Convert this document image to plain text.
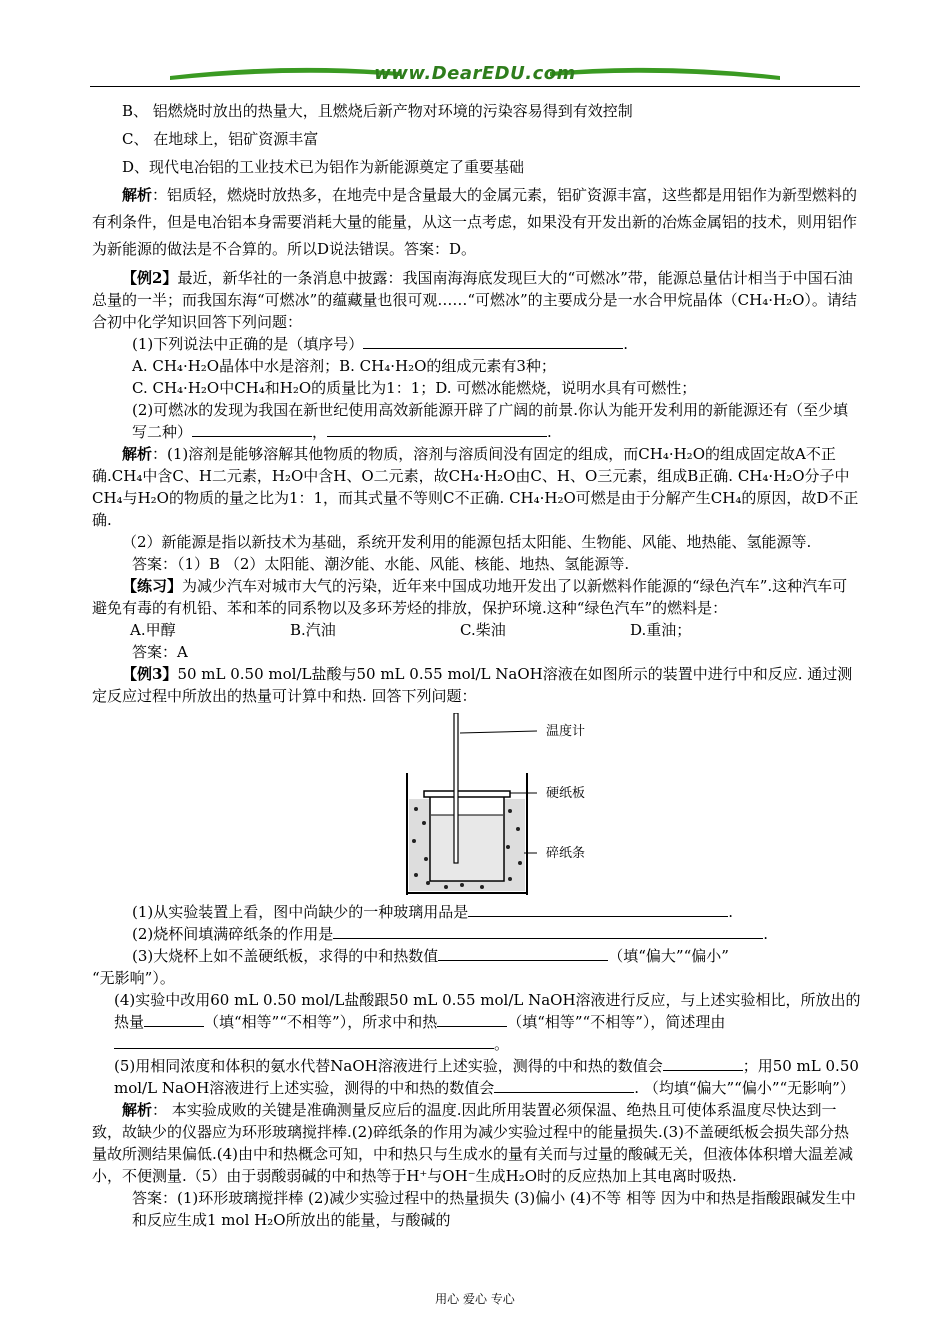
www.DearEDU.com

B、 铝燃烧时放出的热量大，且燃烧后新产物对环境的污染容易得到有效控制

C、 在地球上，铝矿资源丰富

D、现代电冶铝的工业技术已为铝作为新能源奠定了重要基础

解析：铝质轻，燃烧时放热多，在地壳中是含量最大的金属元素，铝矿资源丰富，这些都是用铝作为新型燃料的有利条件，但是电冶铝本身需要消耗大量的能量，从这一点考虑，如果没有开发出新的冶炼金属铝的技术，则用铝作为新能源的做法是不合算的。所以D说法错误。答案：D。

【例2】最近，新华社的一条消息中披露：我国南海海底发现巨大的“可燃冰”带，能源总量估计相当于中国石油总量的一半；而我国东海“可燃冰”的蕴藏量也很可观……“可燃冰”的主要成分是一水合甲烷晶体（CH₄·H₂O）。请结合初中化学知识回答下列问题：

(1)下列说法中正确的是（填序号）	.

A. CH₄·H₂O晶体中水是溶剂；B. CH₄·H₂O的组成元素有3种；

C. CH₄·H₂O中CH₄和H₂O的质量比为1：1；D. 可燃冰能燃烧，说明水具有可燃性；

(2)可燃冰的发现为我国在新世纪使用高效新能源开辟了广阔的前景.你认为能开发利用的新能源还有（至少填写二种）	，	.

解析：(1)溶剂是能够溶解其他物质的物质，溶剂与溶质间没有固定的组成，而CH₄·H₂O的组成固定故A不正确.CH₄中含C、H二元素，H₂O中含H、O二元素，故CH₄·H₂O由C、H、O三元素，组成B正确. CH₄·H₂O分子中CH₄与H₂O的物质的量之比为1：1，而其式量不等则C不正确. CH₄·H₂O可燃是由于分解产生CH₄的原因，故D不正确.

（2）新能源是指以新技术为基础，系统开发利用的能源包括太阳能、生物能、风能、地热能、氢能源等.

答案：（1）B （2）太阳能、潮汐能、水能、风能、核能、地热、氢能源等.

【练习】为减少汽车对城市大气的污染，近年来中国成功地开发出了以新燃料作能源的“绿色汽车”.这种汽车可避免有毒的有机铅、苯和苯的同系物以及多环芳烃的排放，保护环境.这种“绿色汽车”的燃料是：

A.甲醇	B.汽油	C.柴油	D.重油；

答案：A

【例3】50 mL 0.50 mol/L盐酸与50 mL 0.55 mol/L NaOH溶液在如图所示的装置中进行中和反应. 通过测定反应过程中所放出的热量可计算中和热. 回答下列问题：

温度计
硬纸板
碎纸条

(1)从实验装置上看，图中尚缺少的一种玻璃用品是	.

(2)烧杯间填满碎纸条的作用是	.

(3)大烧杯上如不盖硬纸板，求得的中和热数值	（填“偏大”“偏小”

“无影响”）。

(4)实验中改用60 mL 0.50 mol/L盐酸跟50 mL 0.55 mol/L NaOH溶液进行反应，与上述实验相比，所放出的热量	（填“相等”“不相等”），所求中和热	（填“相等”“不相等”），简述理由。

(5)用相同浓度和体积的氨水代替NaOH溶液进行上述实验，测得的中和热的数值会	；用50 mL 0.50 mol/L NaOH溶液进行上述实验，测得的中和热的数值会	. （均填“偏大”“偏小”“无影响”）

解析： 本实验成败的关键是准确测量反应后的温度.因此所用装置必须保温、绝热且可使体系温度尽快达到一致，故缺少的仪器应为环形玻璃搅拌棒.(2)碎纸条的作用为减少实验过程中的能量损失.(3)不盖硬纸板会损失部分热量故所测结果偏低.(4)由中和热概念可知，中和热只与生成水的量有关而与过量的酸碱无关，但液体体积增大温差减小，不便测量.（5）由于弱酸弱碱的中和热等于H⁺与OH⁻生成H₂O时的反应热加上其电离时吸热.

答案：(1)环形玻璃搅拌棒 (2)减少实验过程中的热量损失 (3)偏小 (4)不等 相等 因为中和热是指酸跟碱发生中和反应生成1 mol H₂O所放出的能量，与酸碱的

用心 爱心 专心
